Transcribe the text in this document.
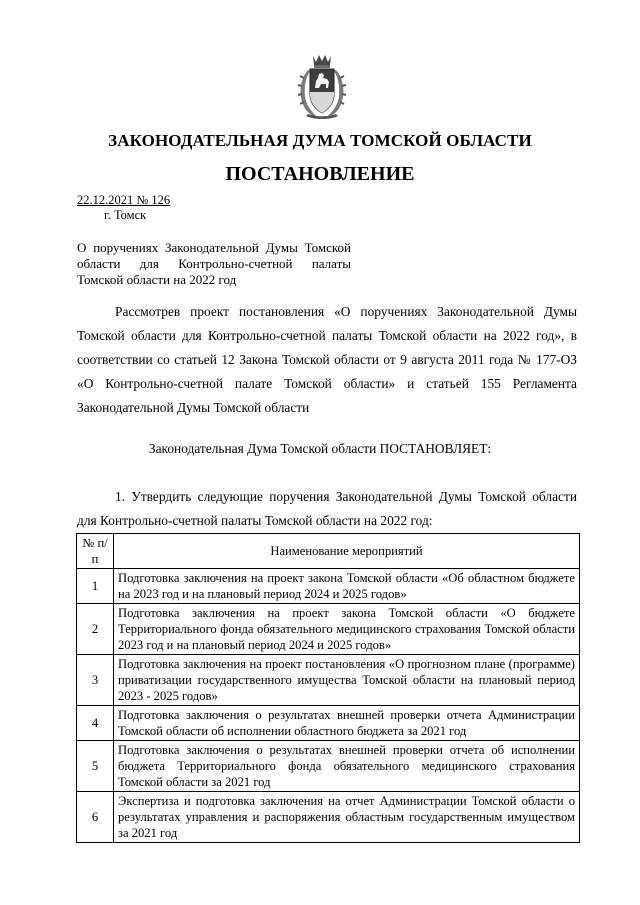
ЗАКОНОДАТЕЛЬНАЯ ДУМА ТОМСКОЙ ОБЛАСТИ
ПОСТАНОВЛЕНИЕ
22.12.2021 № 126
г. Томск
О поручениях Законодательной Думы Томской области для Контрольно-счетной палаты Томской области на 2022 год

Рассмотрев проект постановления «О поручениях Законодательной Думы Томской области для Контрольно-счетной палаты Томской области на 2022 год», в соответствии со статьей 12 Закона Томской области от 9 августа 2011 года № 177-ОЗ «О Контрольно-счетной палате Томской области» и статьей 155 Регламента Законодательной Думы Томской области

Законодательная Дума Томской области ПОСТАНОВЛЯЕТ:

1. Утвердить следующие поручения Законодательной Думы Томской области для Контрольно-счетной палаты Томской области на 2022 год:

№ п/п	Наименование мероприятий
1	Подготовка заключения на проект закона Томской области «Об областном бюджете на 2023 год и на плановый период 2024 и 2025 годов»
2	Подготовка заключения на проект закона Томской области «О бюджете Территориального фонда обязательного медицинского страхования Томской области 2023 год и на плановый период 2024 и 2025 годов»
3	Подготовка заключения на проект постановления «О прогнозном плане (программе) приватизации государственного имущества Томской области на плановый период 2023 - 2025 годов»
4	Подготовка заключения о результатах внешней проверки отчета Администрации Томской области об исполнении областного бюджета за 2021 год
5	Подготовка заключения о результатах внешней проверки отчета об исполнении бюджета Территориального фонда обязательного медицинского страхования Томской области за 2021 год
6	Экспертиза и подготовка заключения на отчет Администрации Томской области о результатах управления и распоряжения областным государственным имуществом за 2021 год
